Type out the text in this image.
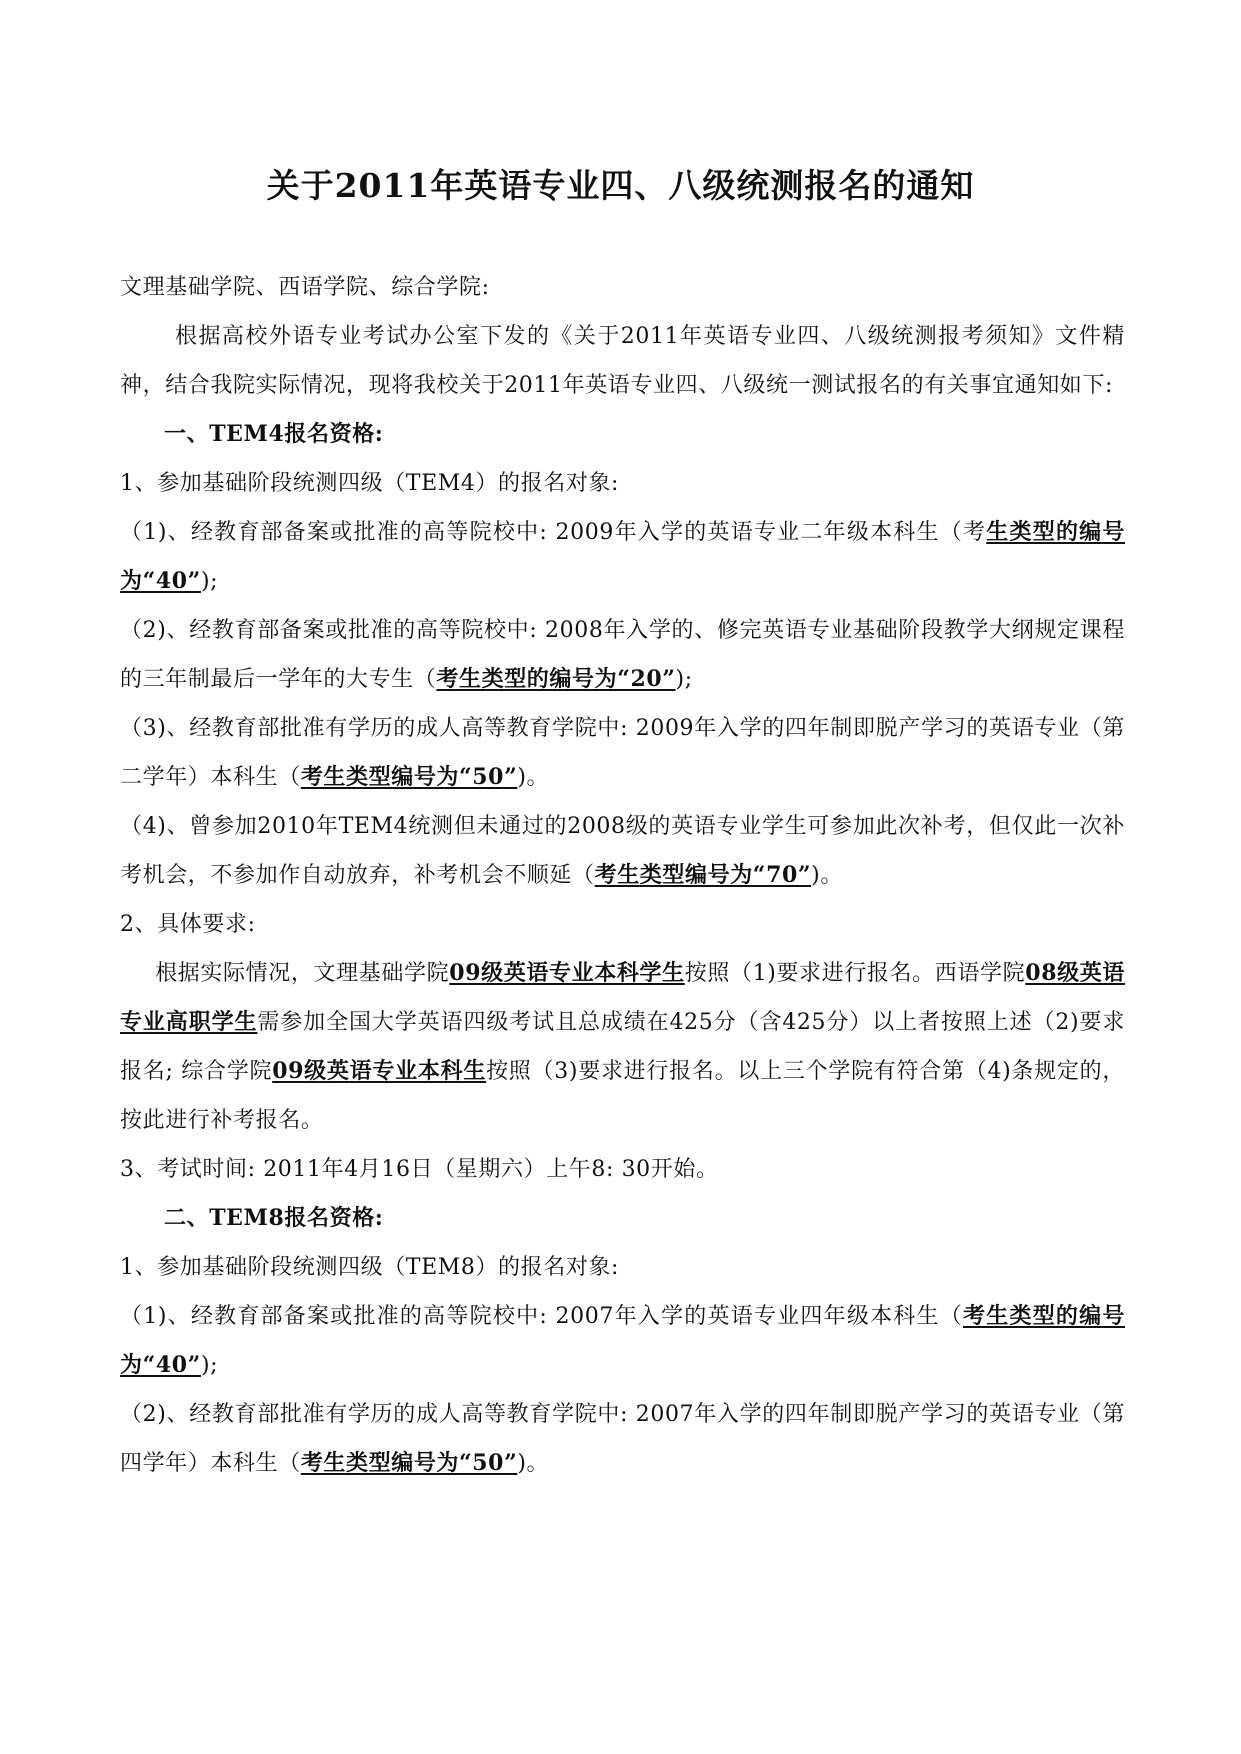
关于2011年英语专业四、八级统测报名的通知

文理基础学院、西语学院、综合学院:

根据高校外语专业考试办公室下发的《关于2011年英语专业四、八级统测报考须知》文件精神，结合我院实际情况，现将我校关于2011年英语专业四、八级统一测试报名的有关事宜通知如下:

一、TEM4报名资格:

1、参加基础阶段统测四级（TEM4）的报名对象:

（1)、经教育部备案或批准的高等院校中: 2009年入学的英语专业二年级本科生（考生类型的编号为“40”);

（2)、经教育部备案或批准的高等院校中: 2008年入学的、修完英语专业基础阶段教学大纲规定课程的三年制最后一学年的大专生（考生类型的编号为“20”);

（3)、经教育部批准有学历的成人高等教育学院中: 2009年入学的四年制即脱产学习的英语专业（第二学年）本科生（考生类型编号为“50”)。

（4)、曾参加2010年TEM4统测但未通过的2008级的英语专业学生可参加此次补考，但仅此一次补考机会，不参加作自动放弃，补考机会不顺延（考生类型编号为“70”)。

2、具体要求:

根据实际情况，文理基础学院09级英语专业本科学生按照（1)要求进行报名。西语学院08级英语专业高职学生需参加全国大学英语四级考试且总成绩在425分（含425分）以上者按照上述（2)要求报名; 综合学院09级英语专业本科生按照（3)要求进行报名。以上三个学院有符合第（4)条规定的，按此进行补考报名。

3、考试时间: 2011年4月16日（星期六）上午8: 30开始。

二、TEM8报名资格:

1、参加基础阶段统测四级（TEM8）的报名对象:

（1)、经教育部备案或批准的高等院校中: 2007年入学的英语专业四年级本科生（考生类型的编号为“40”);

（2)、经教育部批准有学历的成人高等教育学院中: 2007年入学的四年制即脱产学习的英语专业（第四学年）本科生（考生类型编号为“50”)。
